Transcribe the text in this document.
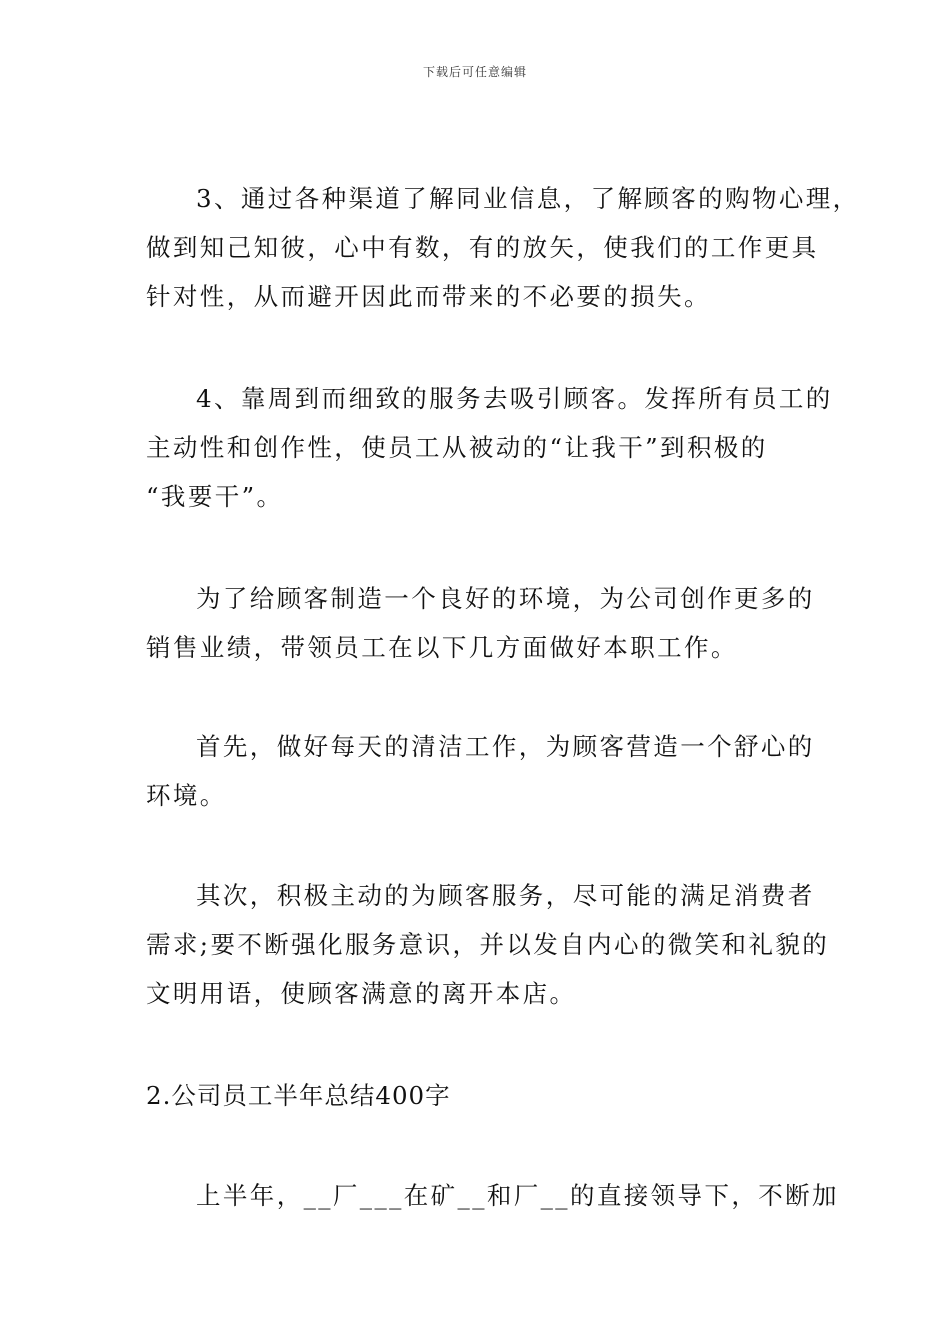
下载后可任意编辑
3、通过各种渠道了解同业信息，了解顾客的购物心理，
做到知己知彼，心中有数，有的放矢，使我们的工作更具
针对性，从而避开因此而带来的不必要的损失。
4、靠周到而细致的服务去吸引顾客。发挥所有员工的
主动性和创作性，使员工从被动的“让我干”到积极的
“我要干”。
为了给顾客制造一个良好的环境，为公司创作更多的
销售业绩，带领员工在以下几方面做好本职工作。
首先，做好每天的清洁工作，为顾客营造一个舒心的
环境。
其次，积极主动的为顾客服务，尽可能的满足消费者
需求;要不断强化服务意识，并以发自内心的微笑和礼貌的
文明用语，使顾客满意的离开本店。
2.公司员工半年总结400字
上半年，__厂___在矿__和厂__的直接领导下，不断加
